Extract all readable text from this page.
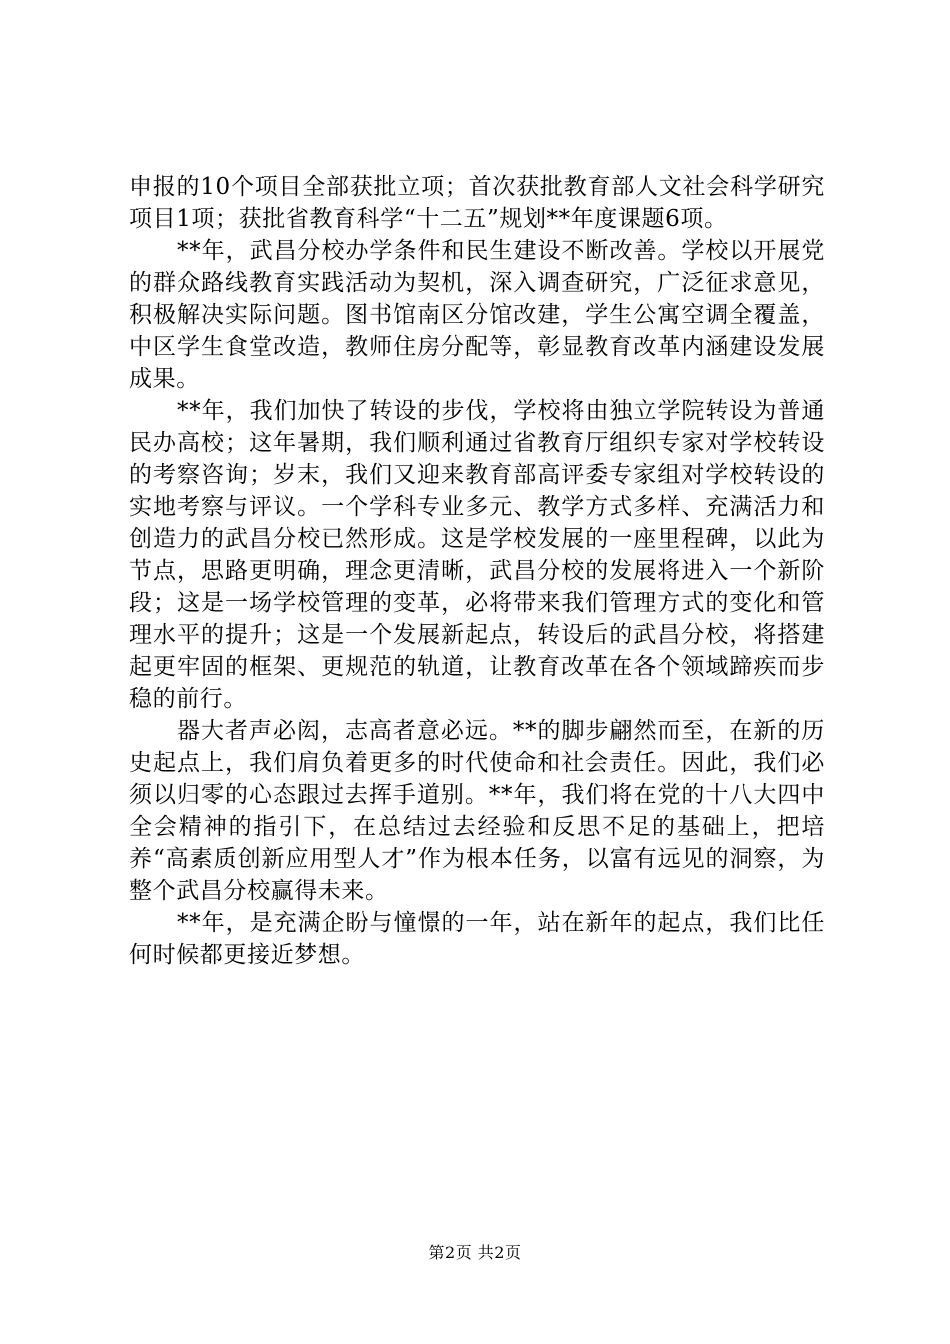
申报的10个项目全部获批立项；首次获批教育部人文社会科学研究项目1项；获批省教育科学“十二五”规划**年度课题6项。

**年，武昌分校办学条件和民生建设不断改善。学校以开展党的群众路线教育实践活动为契机，深入调查研究，广泛征求意见，积极解决实际问题。图书馆南区分馆改建，学生公寓空调全覆盖，中区学生食堂改造，教师住房分配等，彰显教育改革内涵建设发展成果。

**年，我们加快了转设的步伐，学校将由独立学院转设为普通民办高校；这年暑期，我们顺利通过省教育厅组织专家对学校转设的考察咨询；岁末，我们又迎来教育部高评委专家组对学校转设的实地考察与评议。一个学科专业多元、教学方式多样、充满活力和创造力的武昌分校已然形成。这是学校发展的一座里程碑，以此为节点，思路更明确，理念更清晰，武昌分校的发展将进入一个新阶段；这是一场学校管理的变革，必将带来我们管理方式的变化和管理水平的提升；这是一个发展新起点，转设后的武昌分校，将搭建起更牢固的框架、更规范的轨道，让教育改革在各个领域蹄疾而步稳的前行。

器大者声必闳，志高者意必远。**的脚步翩然而至，在新的历史起点上，我们肩负着更多的时代使命和社会责任。因此，我们必须以归零的心态跟过去挥手道别。**年，我们将在党的十八大四中全会精神的指引下，在总结过去经验和反思不足的基础上，把培养“高素质创新应用型人才”作为根本任务，以富有远见的洞察，为整个武昌分校赢得未来。

**年，是充满企盼与憧憬的一年，站在新年的起点，我们比任何时候都更接近梦想。

第2页 共2页
